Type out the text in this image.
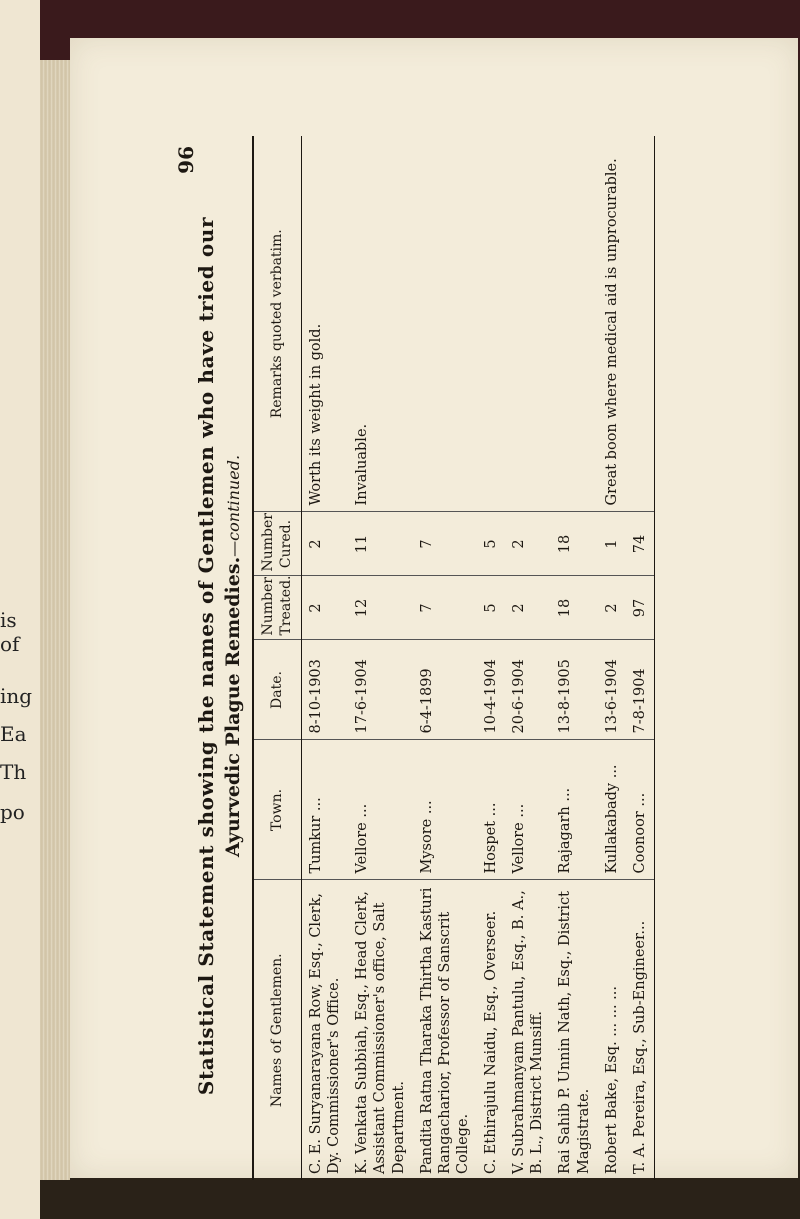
is
of
ing
Ea
Th
po
96
Statistical Statement showing the names of Gentlemen who have tried our Ayurvedic Plague Remedies.—continued.
Names of Gentlemen.	Town.	Date.	Number Treated.	Number Cured.	Remarks quoted verbatim.
C. E. Suryanarayana Row, Esq., Clerk, Dy. Commissioner's Office.	Tumkur ...	8-10-1903	2	2	Worth its weight in gold.
K. Venkata Subbiah, Esq., Head Clerk, Assistant Commissioner's office, Salt Department.	Vellore ...	17-6-1904	12	11	Invaluable.
Pandita Ratna Tharaka Thirtha Kasturi Rangacharior, Professor of Sanscrit College.	Mysore ...	6-4-1899	7	7	
C. Ethirajulu Naidu, Esq., Overseer.	Hospet ...	10-4-1904	5	5	
V. Subrahmanyam Pantulu, Esq., B. A., B. L., District Munsiff.	Vellore ...	20-6-1904	2	2	
Rai Sahib P. Unnin Nath, Esq., District Magistrate.	Rajagarh ...	13-8-1905	18	18	
Robert Bake, Esq. ... ... ...	Kullakabady ...	13-6-1904	2	1	Great boon where medical aid is unprocurable.
T. A. Pereira, Esq., Sub-Engineer...	Coonoor ...	7-8-1904	97	74	
